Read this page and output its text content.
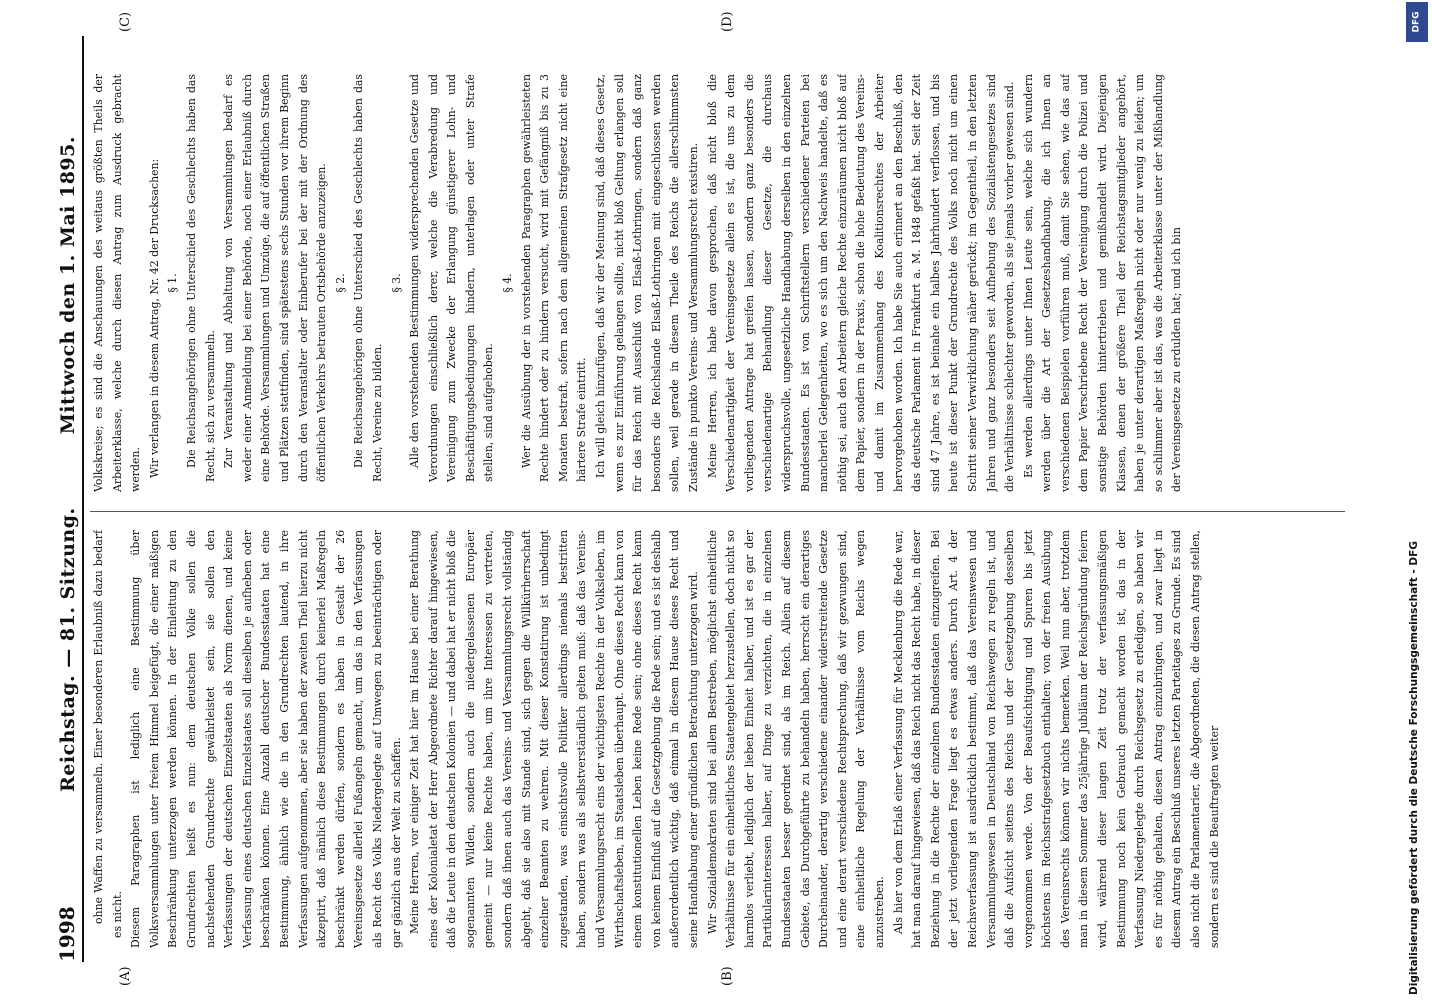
1998
Reichstag. — 81. Sitzung.
Mittwoch den 1. Mai 1895.
(A)	(B)
(C)	(D)

ohne Waffen zu versammeln. Einer besonderen Erlaubniß dazu bedarf es nicht. Diesem Paragraphen ist lediglich eine Bestimmung über Volksversammlungen unter freiem Himmel beigefügt, die einer mäßigen Beschränkung unterzogen werden können. In der Einleitung zu den Grundrechten heißt es nun: dem deutschen Volke sollen die nachstehenden Grundrechte gewährleistet sein, sie sollen den Verfassungen der deutschen Einzelstaaten als Norm dienen, und keine Verfassung eines deutschen Einzelstaates soll dieselben je aufheben oder beschränken können. Eine Anzahl deutscher Bundesstaaten hat eine Bestimmung, ähnlich wie die in den Grundrechten lautend, in ihre Verfassungen aufgenommen, aber sie haben der zweiten Theil hierzu nicht akzeptirt, daß nämlich diese Bestimmungen durch keinerlei Maßregeln beschränkt werden dürfen, sondern es haben in Gestalt der 26 Vereinsgesetze allerlei Fußangeln gemacht, um das in den Verfassungen als Recht des Volks Niedergelegte auf Umwegen zu beeinträchtigen oder gar gänzlich aus der Welt zu schaffen. Meine Herren, vor einiger Zeit hat hier im Hause bei einer Berathung eines der Kolonialetat der Herr Abgeordnete Richter darauf hingewiesen, daß die Leute in den deutschen Kolonien — und dabei hat er nicht bloß die sogenannten Wilden, sondern auch die niedergelassenen Europäer gemeint — nur keine Rechte haben, um ihre Interessen zu vertreten, sondern daß ihnen auch das Vereins- und Versammlungsrecht vollständig abgeht, daß sie also mit Stande sind, sich gegen die Willkürherrschaft einzelner Beamten zu wehren. Mit dieser Konstatirung ist unbedingt zugestanden, was einsichtsvolle Politiker allerdings niemals bestritten haben, sondern was als selbstverständlich gelten muß: daß das Vereins- und Versammlungsrecht eins der wichtigsten Rechte in der Volksleben, im Wirthschaftsleben, im Staatsleben überhaupt. Ohne dieses Recht kann von einem konstitutionellen Leben keine Rede sein; ohne dieses Recht kann von keinem Einfluß auf die Gesetzgebung die Rede sein; und es ist deshalb außerordentlich wichtig, daß einmal in diesem Hause dieses Recht und seine Handhabung einer gründlichen Betrachtung unterzogen wird. Wir Sozialdemokraten sind bei allem Bestreben, möglichst einheitliche Verhältnisse für ein einheitliches Staatengebiet herzustellen, doch nicht so harmlos verliebt, lediglich der lieben Einheit halber, und ist es gar der Partikularinteressen halber, auf Dinge zu verzichten, die in einzelnen Bundesstaaten besser geordnet sind, als im Reich. Allein auf diesem Gebiete, das Durchgeführte zu behandeln haben, herrscht ein derartiges Durcheinander, derartig verschiedene einander widerstreitende Gesetze und eine derart verschiedene Rechtsprechung, daß wir gezwungen sind, eine einheitliche Regelung der Verhältnisse vom Reichs wegen anzustreben. Als hier von dem Erlaß einer Verfassung für Mecklenburg die Rede war, hat man darauf hingewiesen, daß das Reich nicht das Recht habe, in dieser Beziehung in die Rechte der einzelnen Bundesstaaten einzugreifen. Bei der jetzt vorliegenden Frage liegt es etwas anders. Durch Art. 4 der Reichsverfassung ist ausdrücklich bestimmt, daß das Vereinswesen und Versammlungswesen in Deutschland von Reichswegen zu regeln ist, und daß die Aufsicht seitens des Reichs und der Gesetzgebung desselben vorgenommen werde. Von der Beaufsichtigung und Spuren bis jetzt höchstens im Reichsstrafgesetzbuch enthalten; von der freien Ausübung des Vereinsrechts können wir nichts bemerken. Weil nun aber, trotzdem man in diesem Sommer das 25jährige Jubiläum der Reichsgründung feiern wird, während dieser langen Zeit trotz der verfassungsmäßigen Bestimmung noch kein Gebrauch gemacht worden ist, das in der Verfassung Niedergelegte durch Reichsgesetz zu erledigen, so haben wir es für nöthig gehalten, diesen Antrag einzubringen, und zwar liegt in diesem Antrag ein Beschluß unseres letzten Parteitages zu Grunde. Es sind also nicht die Parlamentarier, die Abgeordneten, die diesen Antrag stellen, sondern es sind die Beauftragten weiter

Volkskreise; es sind die Anschauungen des weitaus größten Theils der Arbeiterklasse, welche durch diesen Antrag zum Ausdruck gebracht werden. Wir verlangen in diesem Antrag, Nr. 42 der Drucksachen: § 1. Die Reichsangehörigen ohne Unterschied des Geschlechts haben das Recht, sich zu versammeln. Zur Veranstaltung und Abhaltung von Versammlungen bedarf es weder einer Anmeldung bei einer Behörde, noch einer Erlaubniß durch eine Behörde. Versammlungen und Umzüge, die auf öffentlichen Straßen und Plätzen stattfinden, sind spätestens sechs Stunden vor ihrem Beginn durch den Veranstalter oder Einberufer bei der mit der Ordnung des öffentlichen Verkehrs betrauten Ortsbehörde anzuzeigen. § 2. Die Reichsangehörigen ohne Unterschied des Geschlechts haben das Recht, Vereine zu bilden.

§ 3. Alle den vorstehenden Bestimmungen widersprechenden Gesetze und Verordnungen einschließlich derer, welche die Verabredung und Vereinigung zum Zwecke der Erlangung günstigerer Lohn- und Beschäftigungsbedingungen hindern, unterlagen oder unter Strafe stellen, sind aufgehoben.

§ 4. Wer die Ausübung der in vorstehenden Paragraphen gewährleisteten Rechte hindert oder zu hindern versucht, wird mit Gefängniß bis zu 3 Monaten bestraft, sofern nach dem allgemeinen Strafgesetz nicht eine härtere Strafe eintritt. Ich will gleich hinzufügen, daß wir der Meinung sind, daß dieses Gesetz, wenn es zur Einführung gelangen sollte, nicht bloß Geltung erlangen soll für das Reich mit Ausschluß von Elsaß-Lothringen, sondern daß ganz besonders die Reichslande Elsaß-Lothringen mit eingeschlossen werden sollen, weil gerade in diesem Theile des Reichs die allerschlimmsten Zustände in punkto Vereins- und Versammlungsrecht existiren. Meine Herren, ich habe davon gesprochen, daß nicht bloß die Verschiedenartigkeit der Vereinsgesetze allein es ist, die uns zu dem vorliegenden Antrage hat greifen lassen, sondern ganz besonders die verschiedenartige Behandlung dieser Gesetze, die durchaus widerspruchsvolle, ungesetzliche Handhabung derselben in den einzelnen Bundesstaaten. Es ist von Schriftstellern verschiedener Parteien bei mancherlei Gelegenheiten, wo es sich um den Nachweis handelte, daß es nöthig sei, auch den Arbeitern gleiche Rechte einzuräumen nicht bloß auf dem Papier, sondern in der Praxis, schon die hohe Bedeutung des Vereins- und damit im Zusammenhang des Koalitionsrechtes der Arbeiter hervorgehoben worden. Ich habe Sie auch erinnert an den Beschluß, den das deutsche Parlament in Frankfurt a. M. 1848 gefaßt hat. Seit der Zeit sind 47 Jahre, es ist beinahe ein halbes Jahrhundert verflossen, und bis heute ist dieser Punkt der Grundrechte des Volks noch nicht um einen Schritt seiner Verwirklichung näher gerückt; im Gegentheil, in den letzten Jahren und ganz besonders seit Aufhebung des Sozialistengesetzes sind die Verhältnisse schlechter geworden, als sie jemals vorher gewesen sind. Es werden allerdings unter Ihnen Leute sein, welche sich wundern werden über die Art der Gesetzeshandhabung, die ich Ihnen an verschiedenen Beispielen vorführen muß, damit Sie sehen, wie das auf dem Papier Verschriebene Recht der Vereinigung durch die Polizei und sonstige Behörden hintertrieben und gemißhandelt wird. Diejenigen Klassen, denen der größere Theil der Reichstagsmitglieder angehört, haben je unter derartigen Maßregeln nicht oder nur wenig zu leiden; um so schlimmer aber ist das, was die Arbeiterklasse unter der Mißhandlung der Vereinsgesetze zu erdulden hat; und ich bin

Digitalisierung gefördert durch die Deutsche Forschungsgemeinschaft - DFG
DFG
